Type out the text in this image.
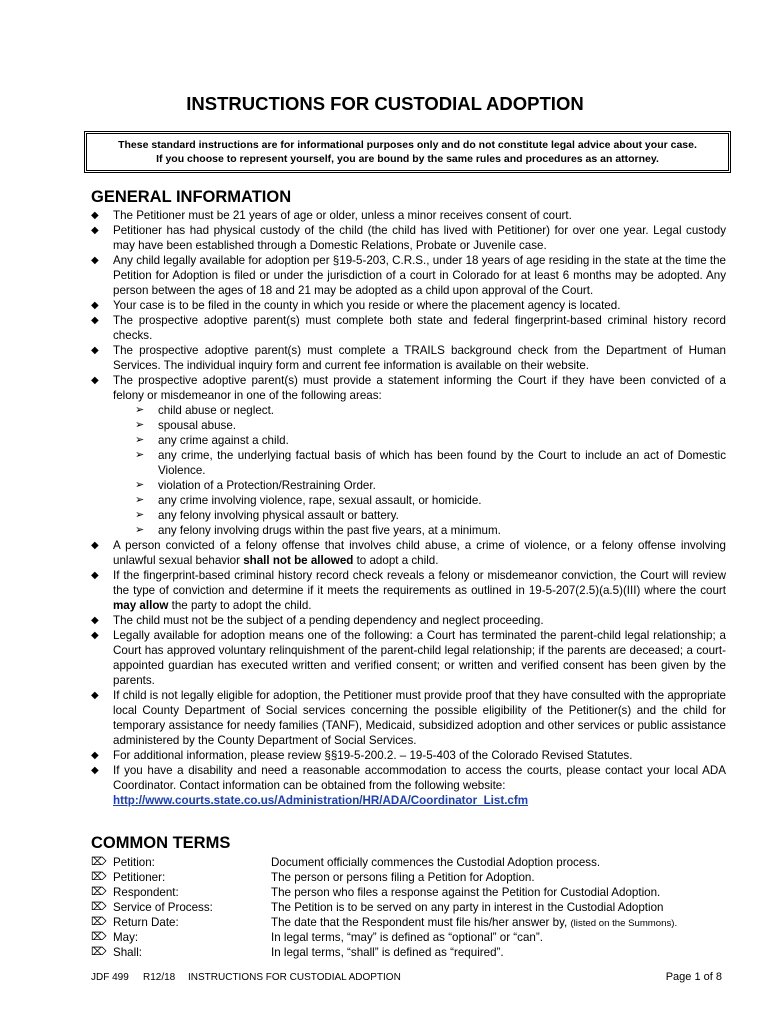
INSTRUCTIONS FOR CUSTODIAL ADOPTION
These standard instructions are for informational purposes only and do not constitute legal advice about your case.
If you choose to represent yourself, you are bound by the same rules and procedures as an attorney.
GENERAL INFORMATION
◆ The Petitioner must be 21 years of age or older, unless a minor receives consent of court.
◆ Petitioner has had physical custody of the child (the child has lived with Petitioner) for over one year. Legal custody may have been established through a Domestic Relations, Probate or Juvenile case.
◆ Any child legally available for adoption per §19-5-203, C.R.S., under 18 years of age residing in the state at the time the Petition for Adoption is filed or under the jurisdiction of a court in Colorado for at least 6 months may be adopted. Any person between the ages of 18 and 21 may be adopted as a child upon approval of the Court.
◆ Your case is to be filed in the county in which you reside or where the placement agency is located.
◆ The prospective adoptive parent(s) must complete both state and federal fingerprint-based criminal history record checks.
◆ The prospective adoptive parent(s) must complete a TRAILS background check from the Department of Human Services. The individual inquiry form and current fee information is available on their website.
◆ The prospective adoptive parent(s) must provide a statement informing the Court if they have been convicted of a felony or misdemeanor in one of the following areas:
➢ child abuse or neglect.
➢ spousal abuse.
➢ any crime against a child.
➢ any crime, the underlying factual basis of which has been found by the Court to include an act of Domestic Violence.
➢ violation of a Protection/Restraining Order.
➢ any crime involving violence, rape, sexual assault, or homicide.
➢ any felony involving physical assault or battery.
➢ any felony involving drugs within the past five years, at a minimum.
◆ A person convicted of a felony offense that involves child abuse, a crime of violence, or a felony offense involving unlawful sexual behavior shall not be allowed to adopt a child.
◆ If the fingerprint-based criminal history record check reveals a felony or misdemeanor conviction, the Court will review the type of conviction and determine if it meets the requirements as outlined in 19-5-207(2.5)(a.5)(III) where the court may allow the party to adopt the child.
◆ The child must not be the subject of a pending dependency and neglect proceeding.
◆ Legally available for adoption means one of the following: a Court has terminated the parent-child legal relationship; a Court has approved voluntary relinquishment of the parent-child legal relationship; if the parents are deceased; a court-appointed guardian has executed written and verified consent; or written and verified consent has been given by the parents.
◆ If child is not legally eligible for adoption, the Petitioner must provide proof that they have consulted with the appropriate local County Department of Social services concerning the possible eligibility of the Petitioner(s) and the child for temporary assistance for needy families (TANF), Medicaid, subsidized adoption and other services or public assistance administered by the County Department of Social Services.
◆ For additional information, please review §§19-5-200.2. – 19-5-403 of the Colorado Revised Statutes.
◆ If you have a disability and need a reasonable accommodation to access the courts, please contact your local ADA Coordinator. Contact information can be obtained from the following website:
http://www.courts.state.co.us/Administration/HR/ADA/Coordinator_List.cfm
COMMON TERMS
⌦ Petition:	Document officially commences the Custodial Adoption process.
⌦ Petitioner:	The person or persons filing a Petition for Adoption.
⌦ Respondent:	The person who files a response against the Petition for Custodial Adoption.
⌦ Service of Process:	The Petition is to be served on any party in interest in the Custodial Adoption
⌦ Return Date:	The date that the Respondent must file his/her answer by, (listed on the Summons).
⌦ May:	In legal terms, “may” is defined as “optional” or “can”.
⌦ Shall:	In legal terms, “shall” is defined as “required”.
JDF 499 R12/18 INSTRUCTIONS FOR CUSTODIAL ADOPTION	Page 1 of 8
